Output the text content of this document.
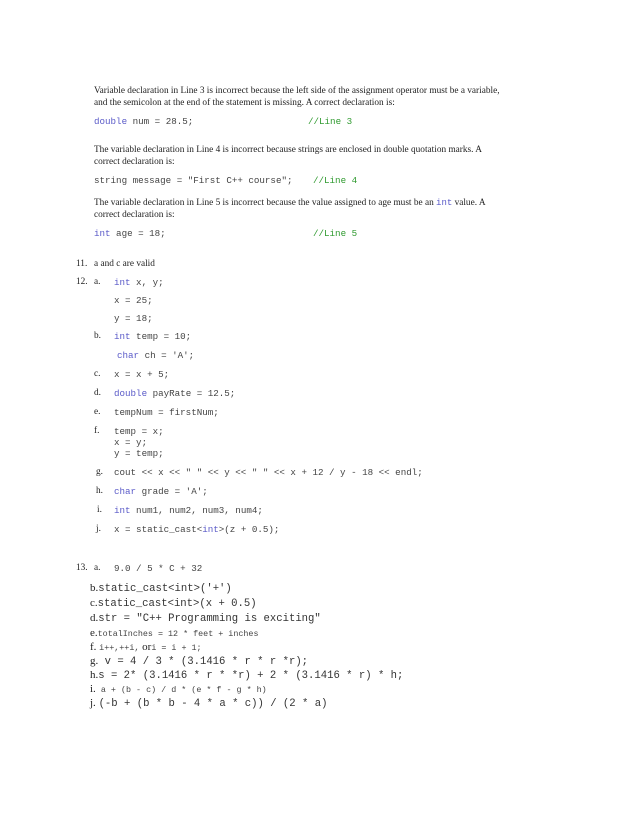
Variable declaration in Line 3 is incorrect because the left side of the assignment operator must be a variable,
and the semicolon at the end of the statement is missing. A correct declaration is:
double num = 28.5;	//Line 3
The variable declaration in Line 4 is incorrect because strings are enclosed in double quotation marks. A
correct declaration is:
string message = "First C++ course"; //Line 4
The variable declaration in Line 5 is incorrect because the value assigned to age must be an int value. A
correct declaration is:
int age = 18;	//Line 5
11. a and c are valid
12. a. int x, y;
x = 25;
y = 18;
b. int temp = 10;
char ch = 'A';
c. x = x + 5;
d. double payRate = 12.5;
e. tempNum = firstNum;
f. temp = x;
x = y;
y = temp;
g. cout << x << " " << y << " " << x + 12 / y - 18 << endl;
h. char grade = 'A';
i. int num1, num2, num3, num4;
j. x = static_cast<int>(z + 0.5);
13. a. 9.0 / 5 * C + 32
b.static_cast<int>('+')
c.static_cast<int>(x + 0.5)
d.str = "C++ Programming is exciting"
e.totalInches = 12 * feet + inches
f. i++,++i, ori = i + 1;
g. v = 4 / 3 * (3.1416 * r * r *r);
h.s = 2* (3.1416 * r * *r) + 2 * (3.1416 * r) * h;
i. a + (b - c) / d * (e * f - g * h)
j. (-b + (b * b - 4 * a * c)) / (2 * a)
